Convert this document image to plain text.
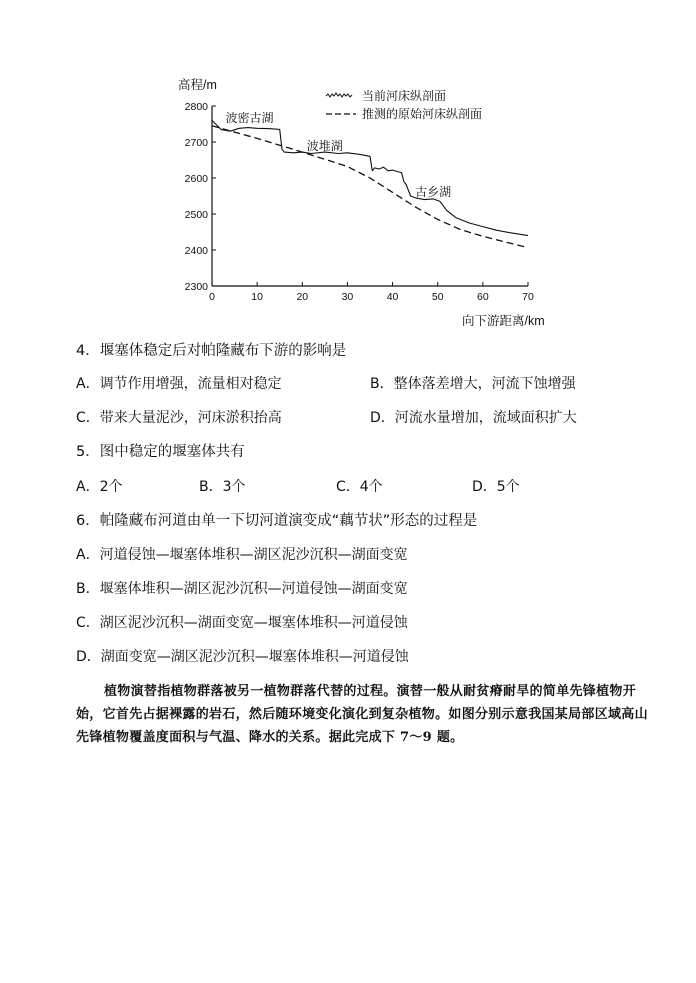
高程/m
向下游距离/km
2300
2400
2500
2600
2700
2800
0	10	20	30	40	50	60	70
当前河床纵剖面
推测的原始河床纵剖面
波密古湖
波堆湖
古乡湖
4．堰塞体稳定后对帕隆藏布下游的影响是
A．调节作用增强，流量相对稳定	B．整体落差增大，河流下蚀增强
C．带来大量泥沙，河床淤积抬高	D．河流水量增加，流域面积扩大
5．图中稳定的堰塞体共有
A．2个	B．3个	C．4个	D．5个
6．帕隆藏布河道由单一下切河道演变成“藕节状”形态的过程是
A．河道侵蚀—堰塞体堆积—湖区泥沙沉积—湖面变宽
B．堰塞体堆积—湖区泥沙沉积—河道侵蚀—湖面变宽
C．湖区泥沙沉积—湖面变宽—堰塞体堆积—河道侵蚀
D．湖面变宽—湖区泥沙沉积—堰塞体堆积—河道侵蚀
植物演替指植物群落被另一植物群落代替的过程。演替一般从耐贫瘠耐旱的简单先锋植物开始，它首先占据裸露的岩石，然后随环境变化演化到复杂植物。如图分别示意我国某局部区域高山先锋植物覆盖度面积与气温、降水的关系。据此完成下 7～9 题。
